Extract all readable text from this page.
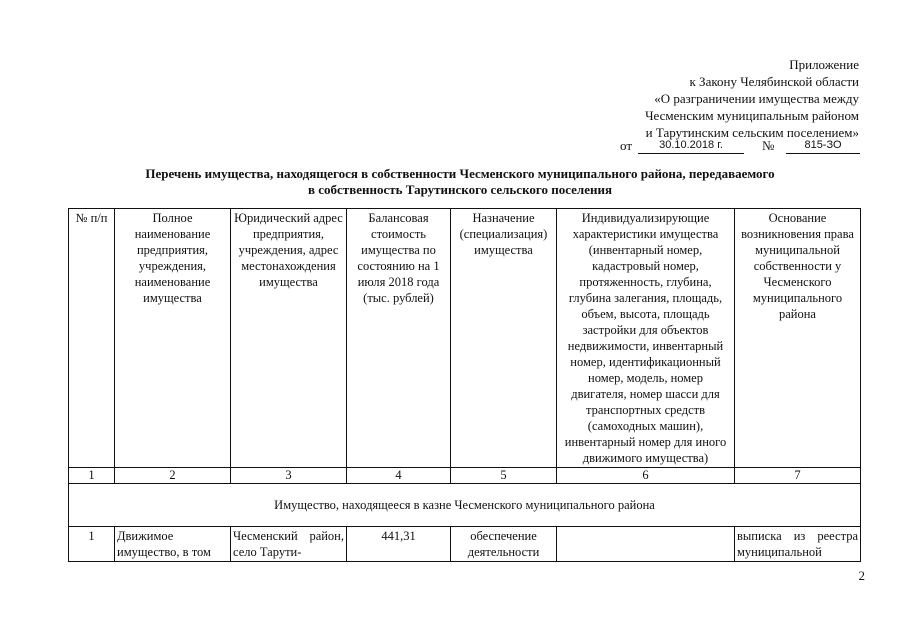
Приложение
к Закону Челябинской области
«О разграничении имущества между
Чесменским муниципальным районом
и Тарутинским сельским поселением»
от	30.10.2018 г.	№	815-ЗО
Перечень имущества, находящегося в собственности Чесменского муниципального района, передаваемого
в собственность Тарутинского сельского поселения
№ п/п	Полное наименование предприятия, учреждения, наименование имущества	Юридический адрес предприятия, учреждения, адрес местонахождения имущества	Балансовая стоимость имущества по состоянию на 1 июля 2018 года (тыс. рублей)	Назначение (специализация) имущества	Индивидуализирующие характеристики имущества (инвентарный номер, кадастровый номер, протяженность, глубина, глубина залегания, площадь, объем, высота, площадь застройки для объектов недвижимости, инвентарный номер, идентификационный номер, модель, номер двигателя, номер шасси для транспортных средств (самоходных машин), инвентарный номер для иного движимого имущества)	Основание возникновения права муниципальной собственности у Чесменского муниципального района
1	2	3	4	5	6	7
Имущество, находящееся в казне Чесменского муниципального района						
1	Движимое имущество, в том	Чесменский район, село Тарути-	441,31	обеспечение деятельности		выписка из реестра муниципальной
2
